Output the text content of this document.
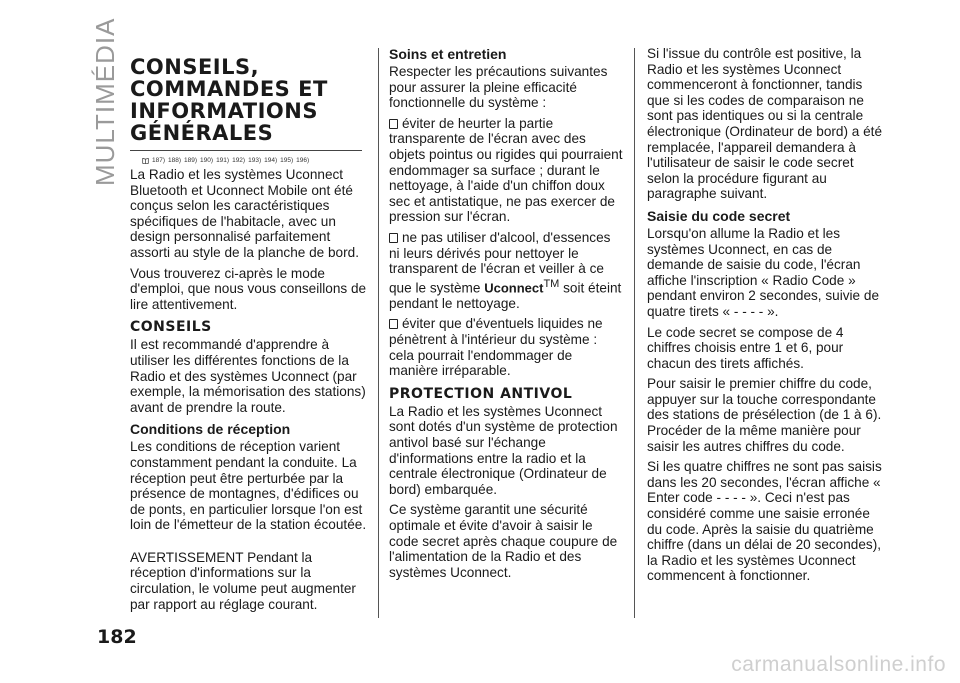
MULTIMÉDIA CONSEILS,
COMMANDES ET
INFORMATIONS
GÉNÉRALES
187) 188) 189) 190) 191) 192) 193) 194) 195) 196)

La Radio et les systèmes Uconnect Bluetooth et Uconnect Mobile ont été conçus selon les caractéristiques spécifiques de l'habitacle, avec un design personnalisé parfaitement assorti au style de la planche de bord.

Vous trouverez ci-après le mode d'emploi, que nous vous conseillons de lire attentivement.

CONSEILS

Il est recommandé d'apprendre à utiliser les différentes fonctions de la Radio et des systèmes Uconnect (par exemple, la mémorisation des stations) avant de prendre la route.

Conditions de réception

Les conditions de réception varient constamment pendant la conduite. La réception peut être perturbée par la présence de montagnes, d'édifices ou de ponts, en particulier lorsque l'on est loin de l'émetteur de la station écoutée.

AVERTISSEMENT Pendant la réception d'informations sur la circulation, le volume peut augmenter par rapport au réglage courant.

Soins et entretien

Respecter les précautions suivantes pour assurer la pleine efficacité fonctionnelle du système :

éviter de heurter la partie transparente de l'écran avec des objets pointus ou rigides qui pourraient endommager sa surface ; durant le nettoyage, à l'aide d'un chiffon doux sec et antistatique, ne pas exercer de pression sur l'écran.

ne pas utiliser d'alcool, d'essences ni leurs dérivés pour nettoyer le transparent de l'écran et veiller à ce que le système Uconnect™ soit éteint pendant le nettoyage.

éviter que d'éventuels liquides ne pénètrent à l'intérieur du système : cela pourrait l'endommager de manière irréparable.

PROTECTION ANTIVOL

La Radio et les systèmes Uconnect sont dotés d'un système de protection antivol basé sur l'échange d'informations entre la radio et la centrale électronique (Ordinateur de bord) embarquée.

Ce système garantit une sécurité optimale et évite d'avoir à saisir le code secret après chaque coupure de l'alimentation de la Radio et des systèmes Uconnect.

Si l'issue du contrôle est positive, la Radio et les systèmes Uconnect commenceront à fonctionner, tandis que si les codes de comparaison ne sont pas identiques ou si la centrale électronique (Ordinateur de bord) a été remplacée, l'appareil demandera à l'utilisateur de saisir le code secret selon la procédure figurant au paragraphe suivant.

Saisie du code secret

Lorsqu'on allume la Radio et les systèmes Uconnect, en cas de demande de saisie du code, l'écran affiche l'inscription « Radio Code » pendant environ 2 secondes, suivie de quatre tirets « - - - - ».

Le code secret se compose de 4 chiffres choisis entre 1 et 6, pour chacun des tirets affichés.

Pour saisir le premier chiffre du code, appuyer sur la touche correspondante des stations de présélection (de 1 à 6). Procéder de la même manière pour saisir les autres chiffres du code.

Si les quatre chiffres ne sont pas saisis dans les 20 secondes, l'écran affiche « Enter code - - - - ». Ceci n'est pas considéré comme une saisie erronée du code. Après la saisie du quatrième chiffre (dans un délai de 20 secondes), la Radio et les systèmes Uconnect commencent à fonctionner.

182
carmanualsonline.info
